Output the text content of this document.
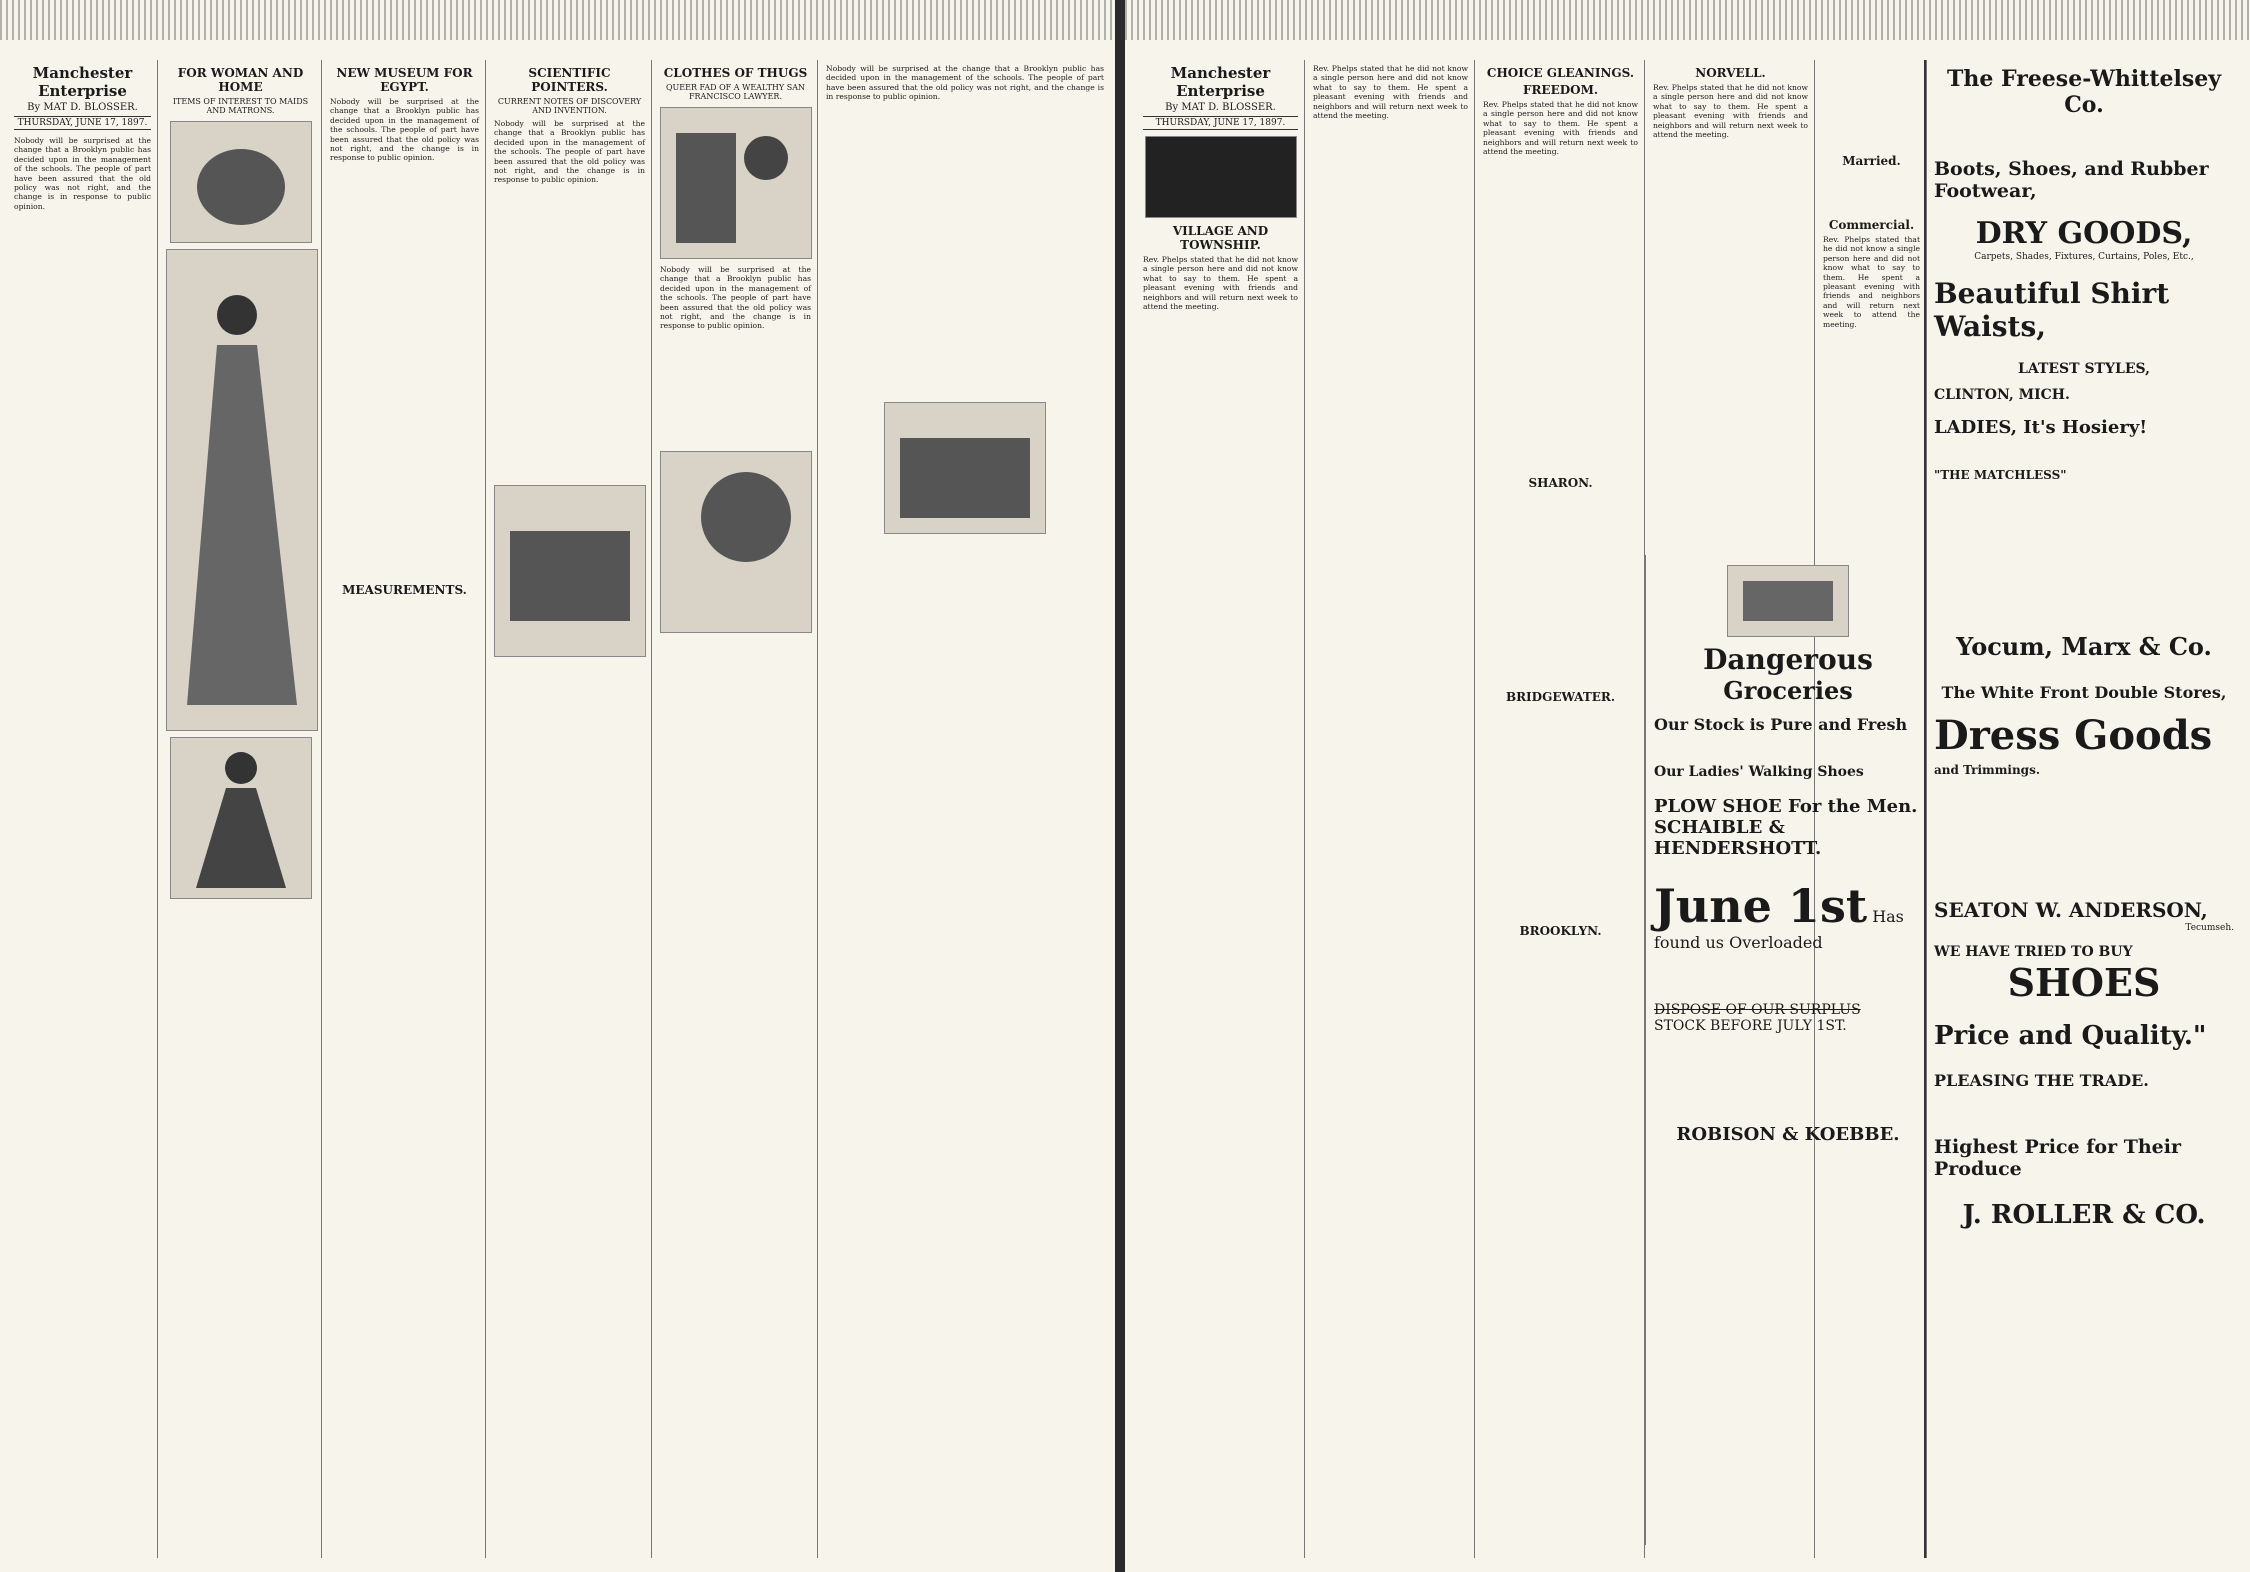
Manchester Enterprise
By MAT D. BLOSSER.
THURSDAY, JUNE 17, 1897.
Nobody will be surprised at the change that a Brooklyn public has decided upon in the management of the schools. The people of part have been assured that the old policy was not right, and the change is in response to public opinion.
FOR WOMAN AND HOME
ITEMS OF INTEREST TO MAIDS AND MATRONS.
NEW MUSEUM FOR EGYPT.
Nobody will be surprised at the change that a Brooklyn public has decided upon in the management of the schools. The people of part have been assured that the old policy was not right, and the change is in response to public opinion.
MEASUREMENTS.
SCIENTIFIC POINTERS.
CURRENT NOTES OF DISCOVERY AND INVENTION.
Nobody will be surprised at the change that a Brooklyn public has decided upon in the management of the schools. The people of part have been assured that the old policy was not right, and the change is in response to public opinion.
CLOTHES OF THUGS
QUEER FAD OF A WEALTHY SAN FRANCISCO LAWYER.
Nobody will be surprised at the change that a Brooklyn public has decided upon in the management of the schools. The people of part have been assured that the old policy was not right, and the change is in response to public opinion.
Nobody will be surprised at the change that a Brooklyn public has decided upon in the management of the schools. The people of part have been assured that the old policy was not right, and the change is in response to public opinion.
Manchester Enterprise
By MAT D. BLOSSER.
THURSDAY, JUNE 17, 1897.
VILLAGE AND TOWNSHIP.
Rev. Phelps stated that he did not know a single person here and did not know what to say to them. He spent a pleasant evening with friends and neighbors and will return next week to attend the meeting.
Rev. Phelps stated that he did not know a single person here and did not know what to say to them. He spent a pleasant evening with friends and neighbors and will return next week to attend the meeting.
CHOICE GLEANINGS.
FREEDOM.
Rev. Phelps stated that he did not know a single person here and did not know what to say to them. He spent a pleasant evening with friends and neighbors and will return next week to attend the meeting.
SHARON.
BRIDGEWATER.
BROOKLYN.
NORVELL.
Rev. Phelps stated that he did not know a single person here and did not know what to say to them. He spent a pleasant evening with friends and neighbors and will return next week to attend the meeting.
Married.
Commercial.
Rev. Phelps stated that he did not know a single person here and did not know what to say to them. He spent a pleasant evening with friends and neighbors and will return next week to attend the meeting.
Dangerous
Groceries
Our Stock is Pure and Fresh
Our Ladies' Walking Shoes
PLOW SHOE For the Men.
SCHAIBLE & HENDERSHOTT.
June 1st Has found us Overloaded
DISPOSE OF OUR SURPLUS
STOCK BEFORE JULY 1ST.
ROBISON & KOEBBE.
The Freese-Whittelsey Co.
Boots, Shoes, and Rubber Footwear,
DRY GOODS,
Carpets, Shades, Fixtures, Curtains, Poles, Etc.,
Beautiful Shirt Waists,
LATEST STYLES,
CLINTON, MICH.
LADIES, It's Hosiery!
"THE MATCHLESS"
Yocum, Marx & Co.
The White Front Double Stores,
Dress Goods and Trimmings.
SEATON W. ANDERSON,
Tecumseh.
WE HAVE TRIED TO BUY
SHOES
Price and Quality."
PLEASING THE TRADE.
Highest Price for Their Produce
J. ROLLER & CO.
